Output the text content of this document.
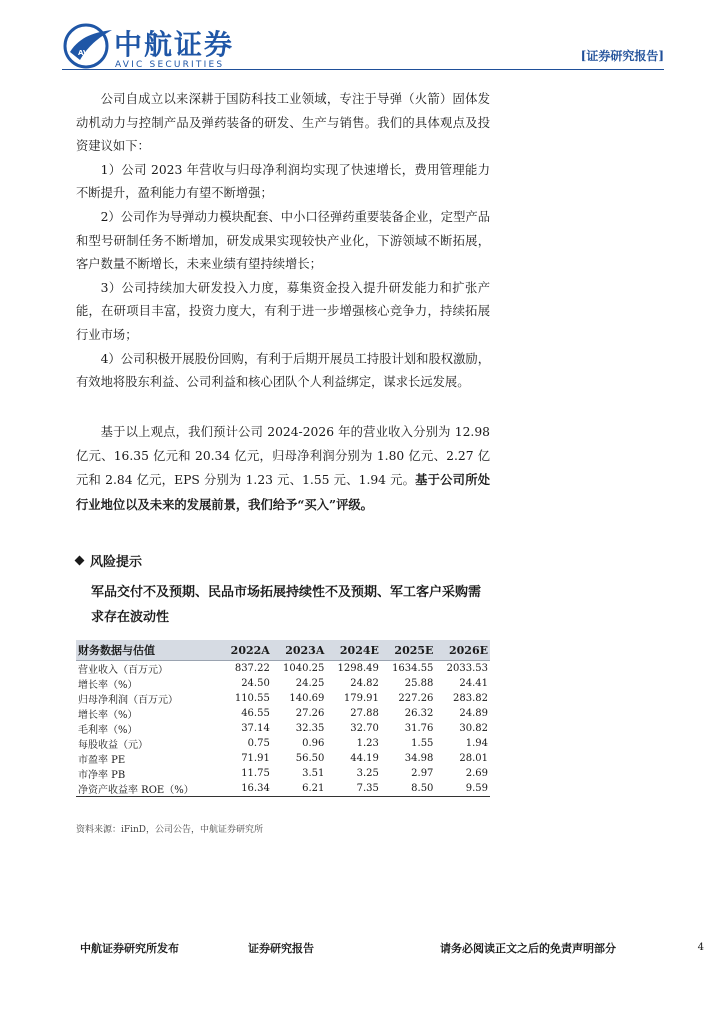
AVIC 中航证券
AVIC SECURITIES
[证券研究报告]

公司自成立以来深耕于国防科技工业领域，专注于导弹（火箭）固体发动机动力与控制产品及弹药装备的研发、生产与销售。我们的具体观点及投资建议如下：

1）公司 2023 年营收与归母净利润均实现了快速增长，费用管理能力不断提升，盈利能力有望不断增强；

2）公司作为导弹动力模块配套、中小口径弹药重要装备企业，定型产品和型号研制任务不断增加，研发成果实现较快产业化，下游领域不断拓展，客户数量不断增长，未来业绩有望持续增长；

3）公司持续加大研发投入力度，募集资金投入提升研发能力和扩张产能，在研项目丰富，投资力度大，有利于进一步增强核心竞争力，持续拓展行业市场；

4）公司积极开展股份回购，有利于后期开展员工持股计划和股权激励，有效地将股东利益、公司利益和核心团队个人利益绑定，谋求长远发展。

基于以上观点，我们预计公司 2024-2026 年的营业收入分别为 12.98 亿元、16.35 亿元和 20.34 亿元，归母净利润分别为 1.80 亿元、2.27 亿元和 2.84 亿元，EPS 分别为 1.23 元、1.55 元、1.94 元。基于公司所处行业地位以及未来的发展前景，我们给予“买入”评级。

风险提示

军品交付不及预期、民品市场拓展持续性不及预期、军工客户采购需求存在波动性

财务数据与估值	2022A	2023A	2024E	2025E	2026E
营业收入（百万元）	837.22	1040.25	1298.49	1634.55	2033.53
增长率（%）	24.50	24.25	24.82	25.88	24.41
归母净利润（百万元）	110.55	140.69	179.91	227.26	283.82
增长率（%）	46.55	27.26	27.88	26.32	24.89
毛利率（%）	37.14	32.35	32.70	31.76	30.82
每股收益（元）	0.75	0.96	1.23	1.55	1.94
市盈率 PE	71.91	56.50	44.19	34.98	28.01
市净率 PB	11.75	3.51	3.25	2.97	2.69
净资产收益率 ROE（%）	16.34	6.21	7.35	8.50	9.59
资料来源：iFinD，公司公告，中航证券研究所
中航证券研究所发布	证券研究报告	请务必阅读正文之后的免责声明部分	4
